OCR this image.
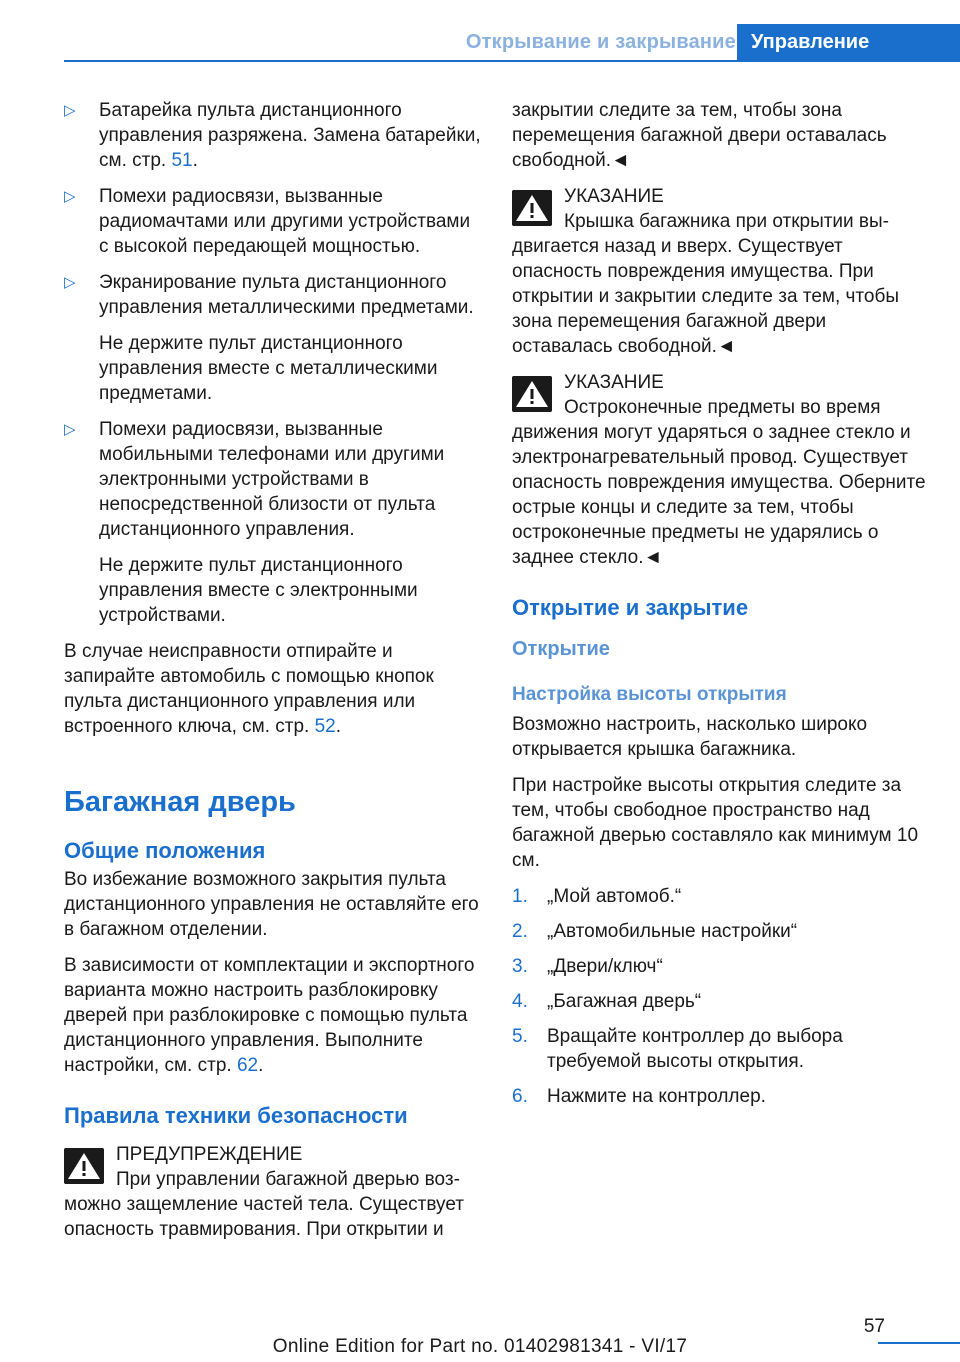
Открывание и закрывание Управление
▷ Батарейка пульта дистанционного управления разряжена. Замена батарейки, см. стр. 51.
▷ Помехи радиосвязи, вызванные радиомачтами или другими устройствами с высокой передающей мощностью.
▷ Экранирование пульта дистанционного управления металлическими предметами.
Не держите пульт дистанционного управления вместе с металлическими предметами.
▷ Помехи радиосвязи, вызванные мобильными телефонами или другими электронными устройствами в непосредственной близости от пульта дистанционного управления.
Не держите пульт дистанционного управления вместе с электронными устройствами.
В случае неисправности отпирайте и запирайте автомобиль с помощью кнопок пульта дистанционного управления или встроенного ключа, см. стр. 52.
Багажная дверь
Общие положения
Во избежание возможного закрытия пульта дистанционного управления не оставляйте его в багажном отделении.
В зависимости от комплектации и экспортного варианта можно настроить разблокировку дверей при разблокировке с помощью пульта дистанционного управления. Выполните настройки, см. стр. 62.
Правила техники безопасности
ПРЕДУПРЕЖДЕНИЕ
При управлении багажной дверью воз-
можно защемление частей тела. Существует опасность травмирования. При открытии и
закрытии следите за тем, чтобы зона перемещения багажной двери оставалась свободной.◄
УКАЗАНИЕ
Крышка багажника при открытии вы-
двигается назад и вверх. Существует опасность повреждения имущества. При открытии и закрытии следите за тем, чтобы зона перемещения багажной двери оставалась свободной.◄
УКАЗАНИЕ
Остроконечные предметы во время
движения могут ударяться о заднее стекло и электронагревательный провод. Существует опасность повреждения имущества. Оберните острые концы и следите за тем, чтобы остроконечные предметы не ударялись о заднее стекло.◄
Открытие и закрытие
Открытие
Настройка высоты открытия
Возможно настроить, насколько широко открывается крышка багажника.
При настройке высоты открытия следите за тем, чтобы свободное пространство над багажной дверью составляло как минимум 10 см.
1. „Мой автомоб.“
2. „Автомобильные настройки“
3. „Двери/ключ“
4. „Багажная дверь“
5. Вращайте контроллер до выбора требуемой высоты открытия.
6. Нажмите на контроллер.
57
Online Edition for Part no. 01402981341 - VI/17
